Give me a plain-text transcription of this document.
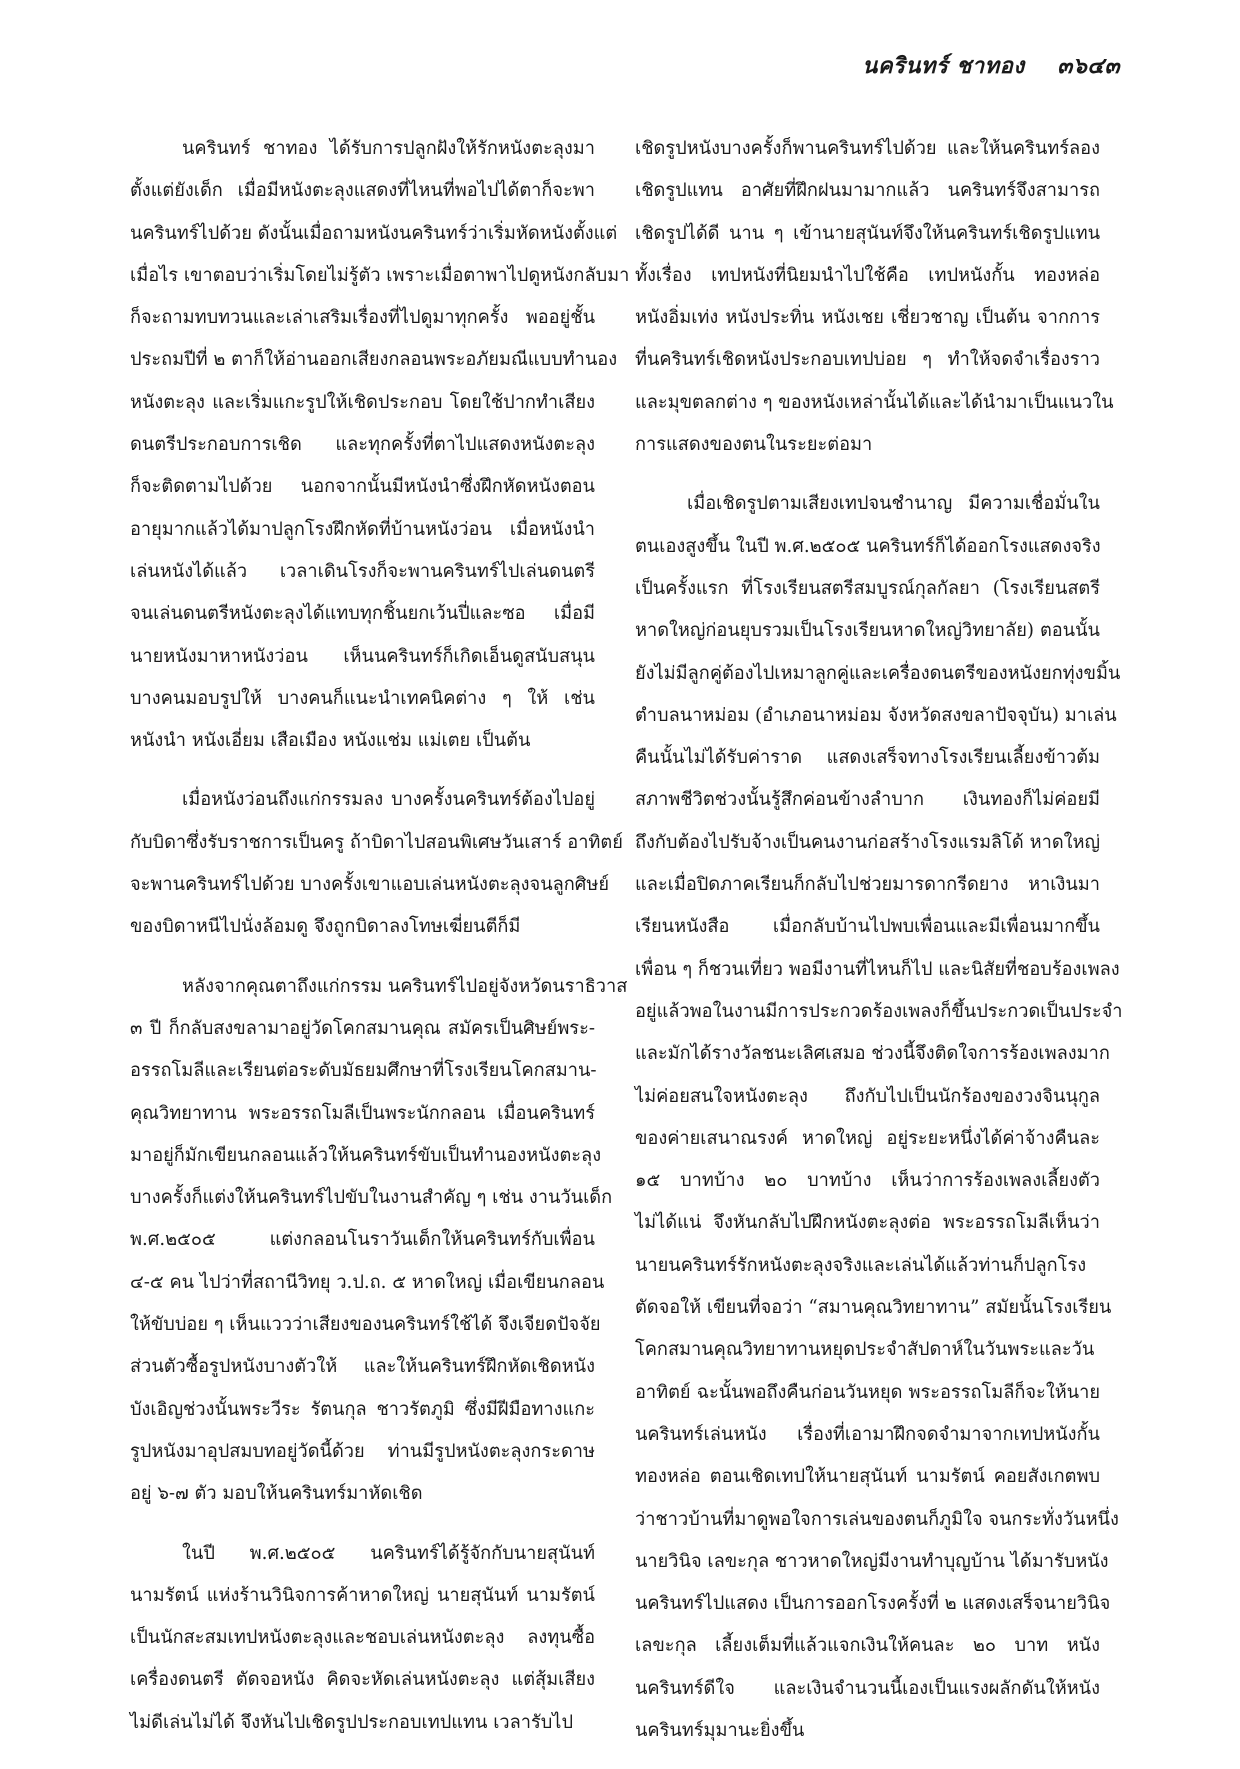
นครินทร์ ชาทอง ๓๖๔๓
นครินทร์ ชาทอง ได้รับการปลูกฝังให้รักหนังตะลุงมา
ตั้งแต่ยังเด็ก เมื่อมีหนังตะลุงแสดงที่ไหนที่พอไปได้ตาก็จะพา
นครินทร์ไปด้วย ดังนั้นเมื่อถามหนังนครินทร์ว่าเริ่มหัดหนังตั้งแต่
เมื่อไร เขาตอบว่าเริ่มโดยไม่รู้ตัว เพราะเมื่อตาพาไปดูหนังกลับมา
ก็จะถามทบทวนและเล่าเสริมเรื่องที่ไปดูมาทุกครั้ง พออยู่ชั้น
ประถมปีที่ ๒ ตาก็ให้อ่านออกเสียงกลอนพระอภัยมณีแบบทำนอง
หนังตะลุง และเริ่มแกะรูปให้เชิดประกอบ โดยใช้ปากทำเสียง
ดนตรีประกอบการเชิด และทุกครั้งที่ตาไปแสดงหนังตะลุง
ก็จะติดตามไปด้วย นอกจากนั้นมีหนังนำซึ่งฝึกหัดหนังตอน
อายุมากแล้วได้มาปลูกโรงฝึกหัดที่บ้านหนังว่อน เมื่อหนังนำ
เล่นหนังได้แล้ว เวลาเดินโรงก็จะพานครินทร์ไปเล่นดนตรี
จนเล่นดนตรีหนังตะลุงได้แทบทุกชิ้นยกเว้นปี่และซอ เมื่อมี
นายหนังมาหาหนังว่อน เห็นนครินทร์ก็เกิดเอ็นดูสนับสนุน
บางคนมอบรูปให้ บางคนก็แนะนำเทคนิคต่าง ๆ ให้ เช่น
หนังนำ หนังเอี่ยม เสือเมือง หนังแช่ม แม่เตย เป็นต้น
เมื่อหนังว่อนถึงแก่กรรมลง บางครั้งนครินทร์ต้องไปอยู่
กับบิดาซึ่งรับราชการเป็นครู ถ้าบิดาไปสอนพิเศษวันเสาร์ อาทิตย์
จะพานครินทร์ไปด้วย บางครั้งเขาแอบเล่นหนังตะลุงจนลูกศิษย์
ของบิดาหนีไปนั่งล้อมดู จึงถูกบิดาลงโทษเฆี่ยนตีก็มี
หลังจากคุณตาถึงแก่กรรม นครินทร์ไปอยู่จังหวัดนราธิวาส
๓ ปี ก็กลับสงขลามาอยู่วัดโคกสมานคุณ สมัครเป็นศิษย์พระ-
อรรถโมลีและเรียนต่อระดับมัธยมศึกษาที่โรงเรียนโคกสมาน-
คุณวิทยาทาน พระอรรถโมลีเป็นพระนักกลอน เมื่อนครินทร์
มาอยู่ก็มักเขียนกลอนแล้วให้นครินทร์ขับเป็นทำนองหนังตะลุง
บางครั้งก็แต่งให้นครินทร์ไปขับในงานสำคัญ ๆ เช่น งานวันเด็ก
พ.ศ.๒๕๐๕ แต่งกลอนโนราวันเด็กให้นครินทร์กับเพื่อน
๔-๕ คน ไปว่าที่สถานีวิทยุ ว.ป.ถ. ๕ หาดใหญ่ เมื่อเขียนกลอน
ให้ขับบ่อย ๆ เห็นแววว่าเสียงของนครินทร์ใช้ได้ จึงเจียดปัจจัย
ส่วนตัวซื้อรูปหนังบางตัวให้ และให้นครินทร์ฝึกหัดเชิดหนัง
บังเอิญช่วงนั้นพระวีระ รัตนกุล ชาวรัตภูมิ ซึ่งมีฝีมือทางแกะ
รูปหนังมาอุปสมบทอยู่วัดนี้ด้วย ท่านมีรูปหนังตะลุงกระดาษ
อยู่ ๖-๗ ตัว มอบให้นครินทร์มาหัดเชิด
ในปี พ.ศ.๒๕๐๕ นครินทร์ได้รู้จักกับนายสุนันท์
นามรัตน์ แห่งร้านวินิจการค้าหาดใหญ่ นายสุนันท์ นามรัตน์
เป็นนักสะสมเทปหนังตะลุงและชอบเล่นหนังตะลุง ลงทุนซื้อ
เครื่องดนตรี ตัดจอหนัง คิดจะหัดเล่นหนังตะลุง แต่สุ้มเสียง
ไม่ดีเล่นไม่ได้ จึงหันไปเชิดรูปประกอบเทปแทน เวลารับไป
เชิดรูปหนังบางครั้งก็พานครินทร์ไปด้วย และให้นครินทร์ลอง
เชิดรูปแทน อาศัยที่ฝึกฝนมามากแล้ว นครินทร์จึงสามารถ
เชิดรูปได้ดี นาน ๆ เข้านายสุนันท์จึงให้นครินทร์เชิดรูปแทน
ทั้งเรื่อง เทปหนังที่นิยมนำไปใช้คือ เทปหนังกั้น ทองหล่อ
หนังอิ่มเท่ง หนังประทิ่น หนังเชย เชี่ยวชาญ เป็นต้น จากการ
ที่นครินทร์เชิดหนังประกอบเทปบ่อย ๆ ทำให้จดจำเรื่องราว
และมุขตลกต่าง ๆ ของหนังเหล่านั้นได้และได้นำมาเป็นแนวใน
การแสดงของตนในระยะต่อมา
เมื่อเชิดรูปตามเสียงเทปจนชำนาญ มีความเชื่อมั่นใน
ตนเองสูงขึ้น ในปี พ.ศ.๒๕๐๕ นครินทร์ก็ได้ออกโรงแสดงจริง
เป็นครั้งแรก ที่โรงเรียนสตรีสมบูรณ์กุลกัลยา (โรงเรียนสตรี
หาดใหญ่ก่อนยุบรวมเป็นโรงเรียนหาดใหญ่วิทยาลัย) ตอนนั้น
ยังไม่มีลูกคู่ต้องไปเหมาลูกคู่และเครื่องดนตรีของหนังยกทุ่งขมิ้น
ตำบลนาหม่อม (อำเภอนาหม่อม จังหวัดสงขลาปัจจุบัน) มาเล่น
คืนนั้นไม่ได้รับค่าราด แสดงเสร็จทางโรงเรียนเลี้ยงข้าวต้ม
สภาพชีวิตช่วงนั้นรู้สึกค่อนข้างลำบาก เงินทองก็ไม่ค่อยมี
ถึงกับต้องไปรับจ้างเป็นคนงานก่อสร้างโรงแรมลิโด้ หาดใหญ่
และเมื่อปิดภาคเรียนก็กลับไปช่วยมารดากรีดยาง หาเงินมา
เรียนหนังสือ เมื่อกลับบ้านไปพบเพื่อนและมีเพื่อนมากขึ้น
เพื่อน ๆ ก็ชวนเที่ยว พอมีงานที่ไหนก็ไป และนิสัยที่ชอบร้องเพลง
อยู่แล้วพอในงานมีการประกวดร้องเพลงก็ขึ้นประกวดเป็นประจำ
และมักได้รางวัลชนะเลิศเสมอ ช่วงนี้จึงติดใจการร้องเพลงมาก
ไม่ค่อยสนใจหนังตะลุง ถึงกับไปเป็นนักร้องของวงจินนุกูล
ของค่ายเสนาณรงค์ หาดใหญ่ อยู่ระยะหนึ่งได้ค่าจ้างคืนละ
๑๕ บาทบ้าง ๒๐ บาทบ้าง เห็นว่าการร้องเพลงเลี้ยงตัว
ไม่ได้แน่ จึงหันกลับไปฝึกหนังตะลุงต่อ พระอรรถโมลีเห็นว่า
นายนครินทร์รักหนังตะลุงจริงและเล่นได้แล้วท่านก็ปลูกโรง
ตัดจอให้ เขียนที่จอว่า “สมานคุณวิทยาทาน” สมัยนั้นโรงเรียน
โคกสมานคุณวิทยาทานหยุดประจำสัปดาห์ในวันพระและวัน
อาทิตย์ ฉะนั้นพอถึงคืนก่อนวันหยุด พระอรรถโมลีก็จะให้นาย
นครินทร์เล่นหนัง เรื่องที่เอามาฝึกจดจำมาจากเทปหนังกั้น
ทองหล่อ ตอนเชิดเทปให้นายสุนันท์ นามรัตน์ คอยสังเกตพบ
ว่าชาวบ้านที่มาดูพอใจการเล่นของตนก็ภูมิใจ จนกระทั่งวันหนึ่ง
นายวินิจ เลขะกุล ชาวหาดใหญ่มีงานทำบุญบ้าน ได้มารับหนัง
นครินทร์ไปแสดง เป็นการออกโรงครั้งที่ ๒ แสดงเสร็จนายวินิจ
เลขะกุล เลี้ยงเต็มที่แล้วแจกเงินให้คนละ ๒๐ บาท หนัง
นครินทร์ดีใจ และเงินจำนวนนี้เองเป็นแรงผลักดันให้หนัง
นครินทร์มุมานะยิ่งขึ้น
